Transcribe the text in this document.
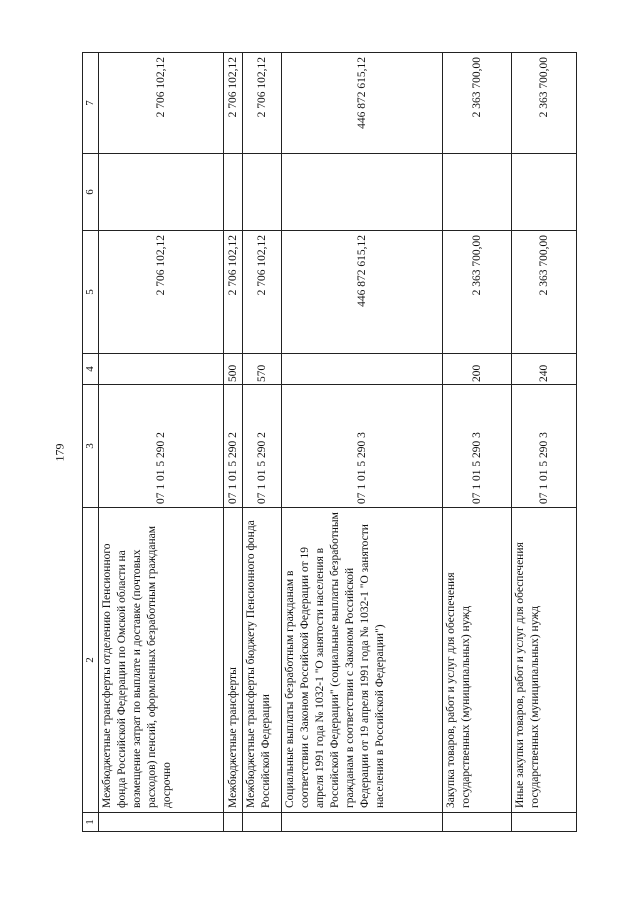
179
1	2	3	4	5	6	7
	Межбюджетные трансферты отделению Пенсионного фонда Российской Федерации по Омской области на возмещение затрат по выплате и доставке (почтовых расходов) пенсий, оформленных безработным гражданам досрочно	07 1 01 5 290 2		2 706 102,12		2 706 102,12
	Межбюджетные трансферты	07 1 01 5 290 2	500	2 706 102,12		2 706 102,12
	Межбюджетные трансферты бюджету Пенсионного фонда Российской Федерации	07 1 01 5 290 2	570	2 706 102,12		2 706 102,12
	Социальные выплаты безработным гражданам в соответствии с Законом Российской Федерации от 19 апреля 1991 года № 1032-1 "О занятости населения в Российской Федерации" (социальные выплаты безработным гражданам в соответствии с Законом Российской Федерации от 19 апреля 1991 года № 1032-1 "О занятости населения в Российской Федерации")	07 1 01 5 290 3		446 872 615,12		446 872 615,12
	Закупка товаров, работ и услуг для обеспечения государственных (муниципальных) нужд	07 1 01 5 290 3	200	2 363 700,00		2 363 700,00
	Иные закупки товаров, работ и услуг для обеспечения государственных (муниципальных) нужд	07 1 01 5 290 3	240	2 363 700,00		2 363 700,00
